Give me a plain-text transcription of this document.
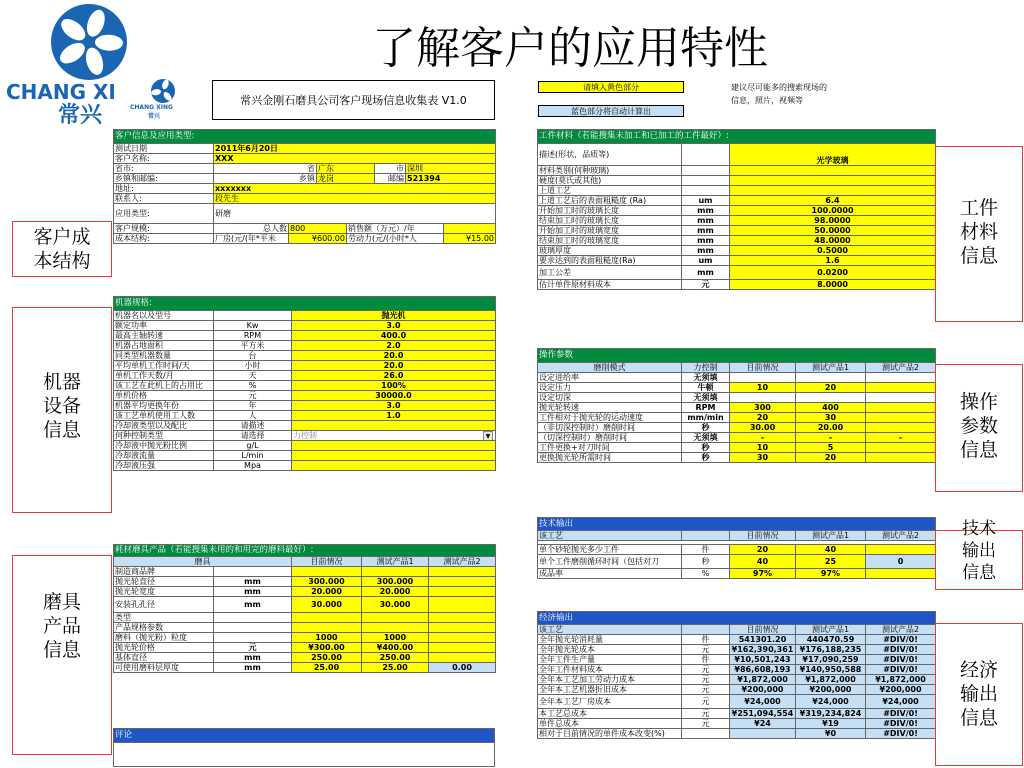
CHANG XI
常兴	CHANG XING
常兴
了解客户的应用特性
常兴金刚石磨具公司客户现场信息收集表 V1.0
请填入黄色部分
蓝色部分将自动计算出
建议尽可能多的搜索现场的
信息，照片，视频等
客户信息及应用类型:							
测试日期	2011年6月20日						
客户名称:	XXX						
省市:	省		广东		市	深圳	
乡镇和邮编:	乡镇		龙岗		邮编	521394	
地址:	xxxxxxx						
联系人:	段先生						
应用类型:	研磨						
客户规模:	总人数	800		销售额（万元）/年			
成本结构:	厂房(元/(年*平米	¥600.00		劳动力(元/(小时*人			¥15.00
机器规格:		
机器名以及型号		抛光机
额定功率	Kw	3.0
最高主轴转速	RPM	400.0
机器占地面积	平方米	2.0
同类型机器数量	台	20.0
平均单机工作时间/天	小时	20.0
单机工作天数/月	天	26.0
该工艺在此机上的占用比	%	100%
单机价格	元	30000.0
机器平均更换年份	年	3.0
该工艺单机使用工人数	人	1.0
冷却液类型以及配比	请描述	
何种控制类型	请选择	力控制 ▼

冷却液中抛光粉比例	g/L	
冷却液流量	L/min	
冷却液压强	Mpa	
耗材磨具产品（若能搜集未用的和用完的磨料最好）:				
磨具		目前情况	测试产品1	测试产品2
制造商品牌				
抛光轮直径	mm	300.000	300.000	
抛光轮宽度	mm	20.000	20.000	
安装孔孔径	mm	30.000	30.000	
类型				
产品规格参数				
磨料（抛光粉）粒度		1000	1000	
抛光轮价格	元	¥300.00	¥400.00	
基体直径	mm	250.00	250.00	
可使用磨料层厚度	mm	25.00	25.00	0.00
评论

工件材料（若能搜集未加工和已加工的工件最好）:		
描述(形状，品质等)		光学玻璃
材料类别(何种玻璃)		
硬度(莫氏或其他)		
上道工艺		
上道工艺后的表面粗糙度 (Ra)	um	6.4
开始加工时的玻璃长度	mm	100.0000
结束加工时的玻璃长度	mm	98.0000
开始加工时的玻璃宽度	mm	50.0000
结束加工时的玻璃宽度	mm	48.0000
玻璃厚度	mm	0.5000
要求达到的表面粗糙度(Ra)	um	1.6
加工公差	mm	0.0200
估计单件原材料成本	元	8.0000
操作参数				
磨削模式	力控制	目前情况	测试产品1	测试产品2
设定进给率	无须填			
设定压力	牛顿	10	20	
设定切深	无须填			
抛光轮转速	RPM	300	400	
工件相对于抛光轮的运动速度	mm/min	20	30	
（非切深控制时）磨削时间	秒	30.00	20.00	
（切深控制时）磨削时间	无须填	-	-	-
工件更换+对刀时间	秒	10	5	
更换抛光轮所需时间	秒	30	20	
技术输出				
该工艺		目前情况	测试产品1	测试产品2

单个砂轮抛光多少工件	件	20	40	
单个工件磨削循环时间（包括对刀	秒	40	25	0
成品率	%	97%	97%	
经济输出				
该工艺		目前情况	测试产品1	测试产品2
全年抛光轮消耗量	件	541301.20	440470.59	#DIV/0!
全年抛光轮成本	元	¥162,390,361	¥176,188,235	#DIV/0!
全年工件生产量	件	¥10,501,243	¥17,090,259	#DIV/0!
全年工件材料成本	元	¥86,608,193	¥140,950,588	#DIV/0!
全年本工艺加工劳动力成本	元	¥1,872,000	¥1,872,000	¥1,872,000
全年本工艺机器折旧成本	元	¥200,000	¥200,000	¥200,000
全年本工艺厂房成本	元	¥24,000	¥24,000	¥24,000
本工艺总成本	元	¥251,094,554	¥319,234,824	#DIV/0!
单件总成本	元	¥24	¥19	#DIV/0!
相对于目前情况的单件成本改变(%)			¥0	#DIV/0!
客户成
本结构
机器
设备
信息
磨具
产品
信息
工件
材料
信息
操作
参数
信息
技术
输出
信息
经济
输出
信息
